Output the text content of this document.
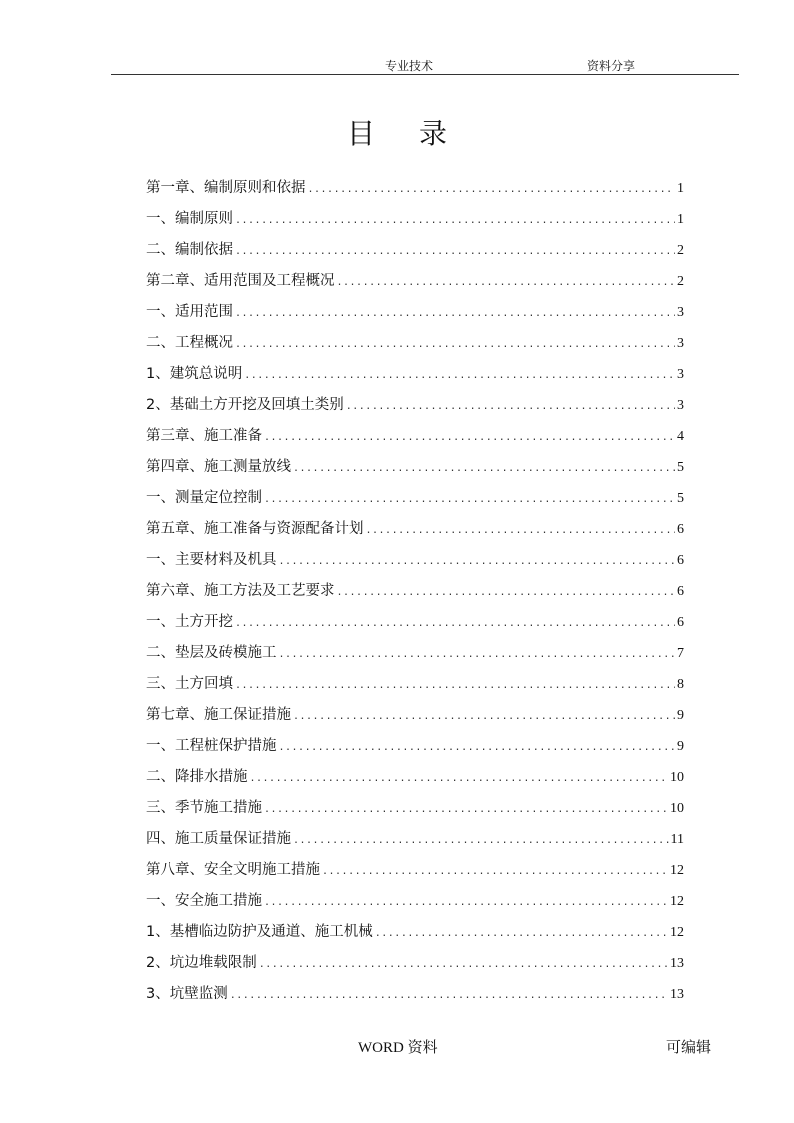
专业技术	资料分享
目录
第一章、编制原则和依据 .....	1
一、编制原则 .....	1
二、编制依据 .....	2
第二章、适用范围及工程概况 .....	2
一、适用范围 .....	3
二、工程概况 .....	3
1、建筑总说明 .....	3
2、基础土方开挖及回填土类别 .....	3
第三章、施工准备 .....	4
第四章、施工测量放线 .....	5
一、测量定位控制 .....	5
第五章、施工准备与资源配备计划 .....	6
一、主要材料及机具 .....	6
第六章、施工方法及工艺要求 .....	6
一、土方开挖 .....	6
二、垫层及砖模施工 .....	7
三、土方回填 .....	8
第七章、施工保证措施 .....	9
一、工程桩保护措施 .....	9
二、降排水措施 .....	10
三、季节施工措施 .....	10
四、施工质量保证措施 .....	11
第八章、安全文明施工措施 .....	12
一、安全施工措施 .....	12
1、基槽临边防护及通道、施工机械 .....	12
2、坑边堆载限制 .....	13
3、坑壁监测 .....	13
WORD 资料	可编辑
